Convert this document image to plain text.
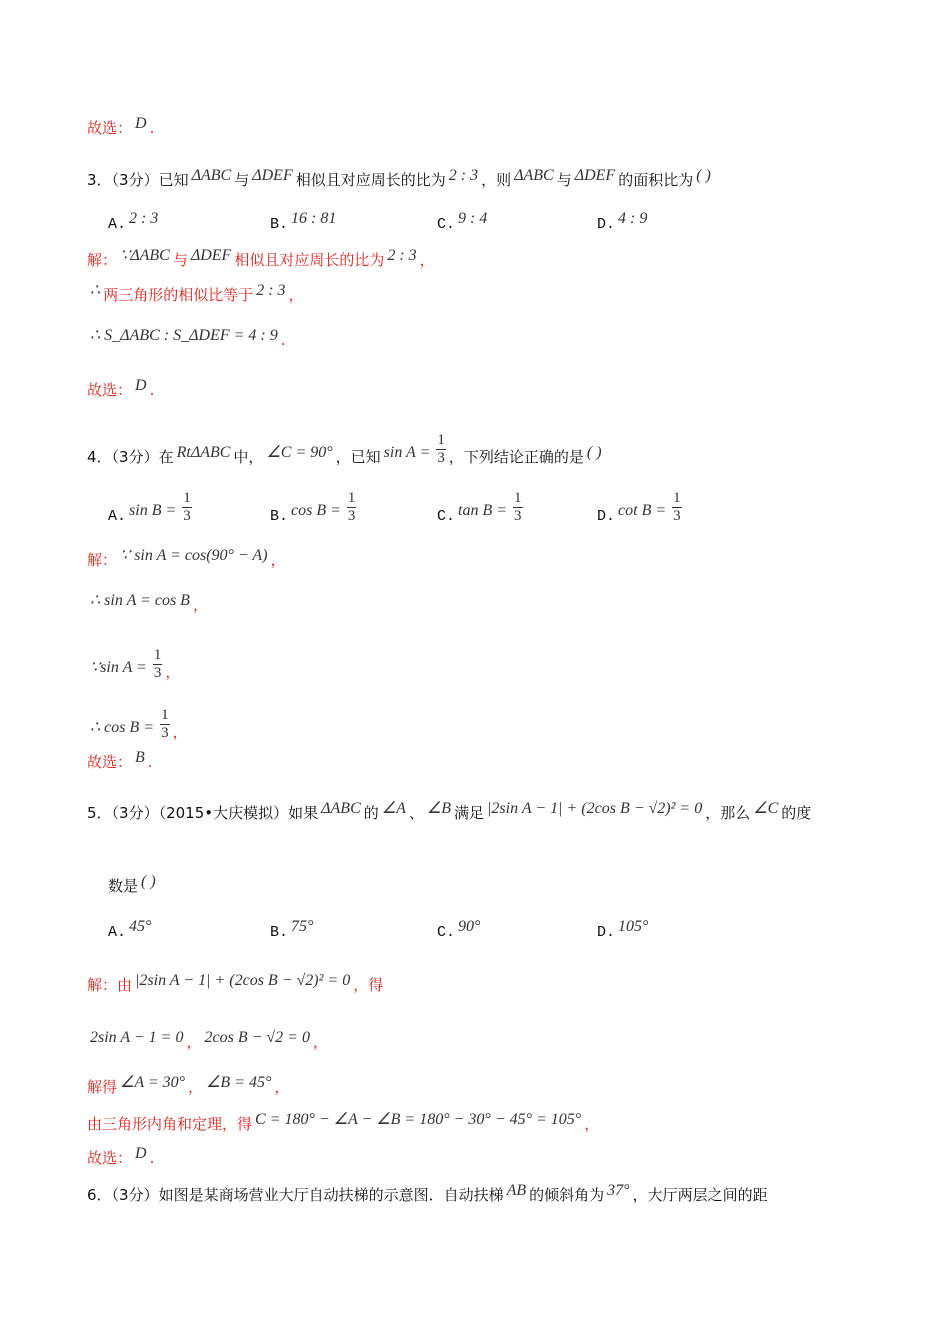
故选： D .
3．（3分）已知 ΔABC 与 ΔDEF 相似且对应周长的比为 2 : 3 ，则 ΔABC 与 ΔDEF 的面积比为 ( )
A. 2 : 3	B. 16 : 81	C. 9 : 4	D. 4 : 9
解： ∵ΔABC 与 ΔDEF 相似且对应周长的比为 2 : 3 ，
∴ 两三角形的相似比等于 2 : 3 ，
∴ S_ΔABC : S_ΔDEF = 4 : 9 .
故选： D .
4．（3分）在 RtΔABC 中， ∠C = 90° ，已知 $\sin A = \frac{1}{3}$ ，下列结论正确的是 ( )
A. $\sin B = \frac{1}{3}$	B. $\cos B = \frac{1}{3}$	C. $\tan B = \frac{1}{3}$	D. $\cot B = \frac{1}{3}$
解： ∵ sin A = cos(90° − A) ，
∴ sin A = cos B ，
∵sin $A = \frac{1}{3}$ ，
∴ $\cos B = \frac{1}{3}$ ，
故选： B .
5．（3分）（2015•大庆模拟）如果 ΔABC 的 ∠A 、 ∠B 满足 |2sin A − 1| + (2cos B − √2)² = 0 ，那么 ∠C 的度
数是 ( )
A. 45°	B. 75°	C. 90°	D. 105°
解：由 |2sin A − 1| + (2cos B − √2)² = 0 ，得
2sin A − 1 = 0 ， 2cos B − √2 = 0 ，
解得 ∠A = 30° ， ∠B = 45° ，
由三角形内角和定理，得 C = 180° − ∠A − ∠B = 180° − 30° − 45° = 105° ，
故选： D .
6．（3分）如图是某商场营业大厅自动扶梯的示意图．自动扶梯 AB 的倾斜角为 37° ，大厅两层之间的距
